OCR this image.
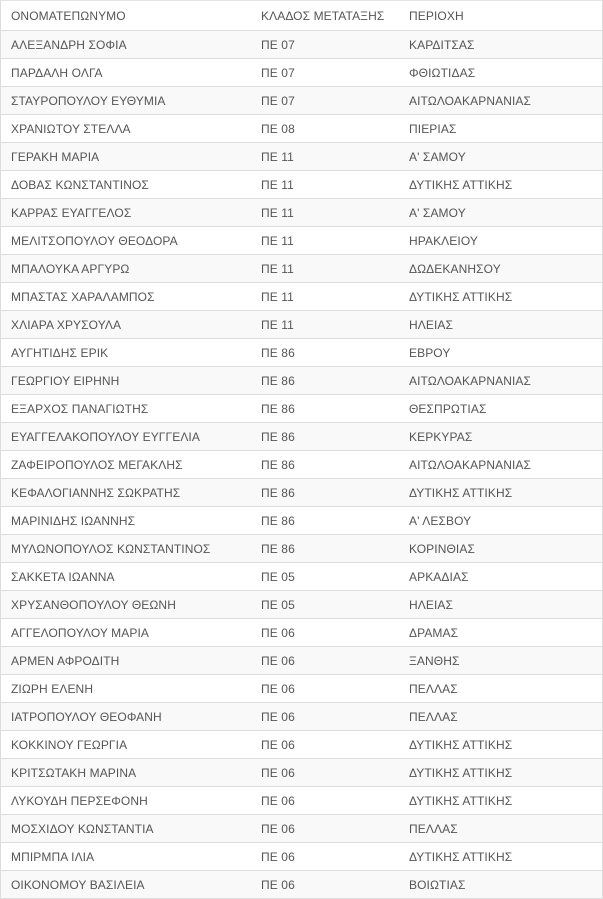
ΟΝΟΜΑΤΕΠΩΝΥΜΟ	ΚΛΑΔΟΣ ΜΕΤΑΤΑΞΗΣ	ΠΕΡΙΟΧΗ
ΑΛΕΞΑΝΔΡΗ ΣΟΦΙΑ	ΠΕ 07	ΚΑΡΔΙΤΣΑΣ
ΠΑΡΔΑΛΗ ΟΛΓΑ	ΠΕ 07	ΦΘΙΩΤΙΔΑΣ
ΣΤΑΥΡΟΠΟΥΛΟΥ ΕΥΘΥΜΙΑ	ΠΕ 07	ΑΙΤΩΛΟΑΚΑΡΝΑΝΙΑΣ
ΧΡΑΝΙΩΤΟΥ ΣΤΕΛΛΑ	ΠΕ 08	ΠΙΕΡΙΑΣ
ΓΕΡΑΚΗ ΜΑΡΙΑ	ΠΕ 11	Α' ΣΑΜΟΥ
ΔΟΒΑΣ ΚΩΝΣΤΑΝΤΙΝΟΣ	ΠΕ 11	ΔΥΤΙΚΗΣ ΑΤΤΙΚΗΣ
ΚΑΡΡΑΣ ΕΥΑΓΓΕΛΟΣ	ΠΕ 11	Α' ΣΑΜΟΥ
ΜΕΛΙΤΣΟΠΟΥΛΟΥ ΘΕΟΔΟΡΑ	ΠΕ 11	ΗΡΑΚΛΕΙΟΥ
ΜΠΑΛΟΥΚΑ ΑΡΓΥΡΩ	ΠΕ 11	ΔΩΔΕΚΑΝΗΣΟΥ
ΜΠΑΣΤΑΣ ΧΑΡΑΛΑΜΠΟΣ	ΠΕ 11	ΔΥΤΙΚΗΣ ΑΤΤΙΚΗΣ
ΧΛΙΑΡΑ ΧΡΥΣΟΥΛΑ	ΠΕ 11	ΗΛΕΙΑΣ
ΑΥΓΗΤΙΔΗΣ ΕΡΙΚ	ΠΕ 86	ΕΒΡΟΥ
ΓΕΩΡΓΙΟΥ ΕΙΡΗΝΗ	ΠΕ 86	ΑΙΤΩΛΟΑΚΑΡΝΑΝΙΑΣ
ΕΞΑΡΧΟΣ ΠΑΝΑΓΙΩΤΗΣ	ΠΕ 86	ΘΕΣΠΡΩΤΙΑΣ
ΕΥΑΓΓΕΛΑΚΟΠΟΥΛΟΥ ΕΥΓΓΕΛΙΑ	ΠΕ 86	ΚΕΡΚΥΡΑΣ
ΖΑΦΕΙΡΟΠΟΥΛΟΣ ΜΕΓΑΚΛΗΣ	ΠΕ 86	ΑΙΤΩΛΟΑΚΑΡΝΑΝΙΑΣ
ΚΕΦΑΛΟΓΙΑΝΝΗΣ ΣΩΚΡΑΤΗΣ	ΠΕ 86	ΔΥΤΙΚΗΣ ΑΤΤΙΚΗΣ
ΜΑΡΙΝΙΔΗΣ ΙΩΑΝΝΗΣ	ΠΕ 86	Α' ΛΕΣΒΟΥ
ΜΥΛΩΝΟΠΟΥΛΟΣ ΚΩΝΣΤΑΝΤΙΝΟΣ	ΠΕ 86	ΚΟΡΙΝΘΙΑΣ
ΣΑΚΚΕΤΑ ΙΩΑΝΝΑ	ΠΕ 05	ΑΡΚΑΔΙΑΣ
ΧΡΥΣΑΝΘΟΠΟΥΛΟΥ ΘΕΩΝΗ	ΠΕ 05	ΗΛΕΙΑΣ
ΑΓΓΕΛΟΠΟΥΛΟΥ ΜΑΡΙΑ	ΠΕ 06	ΔΡΑΜΑΣ
ΑΡΜΕΝ ΑΦΡΟΔΙΤΗ	ΠΕ 06	ΞΑΝΘΗΣ
ΖΙΩΡΗ ΕΛΕΝΗ	ΠΕ 06	ΠΕΛΛΑΣ
ΙΑΤΡΟΠΟΥΛΟΥ ΘΕΟΦΑΝΗ	ΠΕ 06	ΠΕΛΛΑΣ
ΚΟΚΚΙΝΟΥ ΓΕΩΡΓΙΑ	ΠΕ 06	ΔΥΤΙΚΗΣ ΑΤΤΙΚΗΣ
ΚΡΙΤΣΩΤΑΚΗ ΜΑΡΙΝΑ	ΠΕ 06	ΔΥΤΙΚΗΣ ΑΤΤΙΚΗΣ
ΛΥΚΟΥΔΗ ΠΕΡΣΕΦΟΝΗ	ΠΕ 06	ΔΥΤΙΚΗΣ ΑΤΤΙΚΗΣ
ΜΟΣΧΙΔΟΥ ΚΩΝΣΤΑΝΤΙΑ	ΠΕ 06	ΠΕΛΛΑΣ
ΜΠΙΡΜΠΑ ΙΛΙΑ	ΠΕ 06	ΔΥΤΙΚΗΣ ΑΤΤΙΚΗΣ
ΟΙΚΟΝΟΜΟΥ ΒΑΣΙΛΕΙΑ	ΠΕ 06	ΒΟΙΩΤΙΑΣ
